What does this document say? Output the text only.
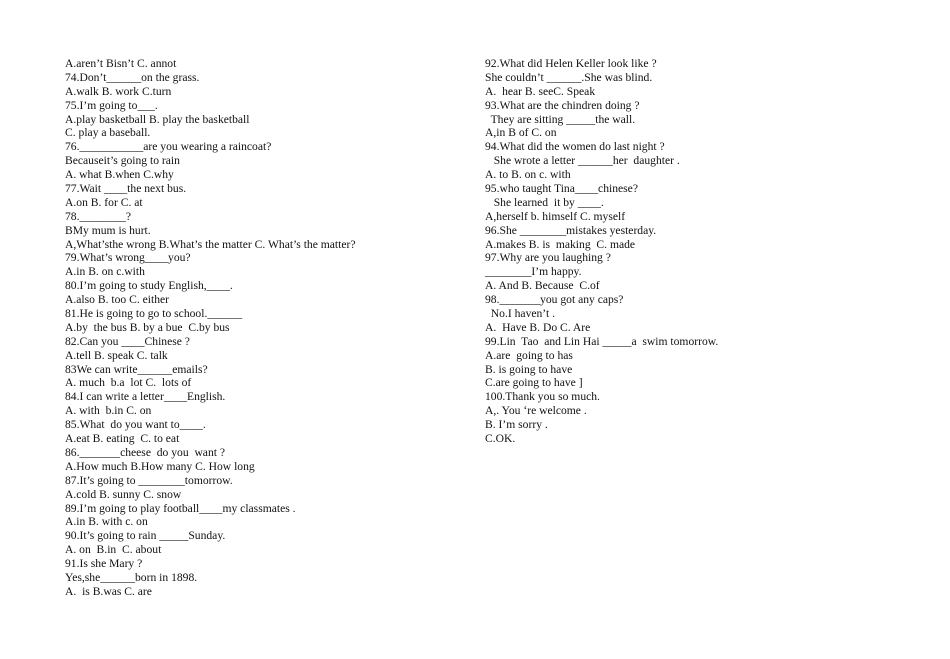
A.aren’t Bisn’t C. annot
74.Don’t______on the grass.
A.walk B. work C.turn
75.I’m going to___.
A.play basketball B. play the basketball
C. play a baseball.
76.___________are you wearing a raincoat?
Becauseit’s going to rain
A. what B.when C.why
77.Wait ____the next bus.
A.on B. for C. at
78.________?
BMy mum is hurt.
A,What’sthe wrong B.What’s the matter C. What’s the matter?
79.What’s wrong____you?
A.in B. on c.with
80.I’m going to study English,____.
A.also B. too C. either
81.He is going to go to school.______
A.by  the bus B. by a bue  C.by bus
82.Can you ____Chinese ?
A.tell B. speak C. talk
83We can write______emails?
A. much  b.a  lot C.  lots of
84.I can write a letter____English.
A. with  b.in C. on
85.What  do you want to____.
A.eat B. eating  C. to eat
86._______cheese  do you  want ?
A.How much B.How many C. How long
87.It’s going to ________tomorrow.
A.cold B. sunny C. snow
89.I’m going to play football____my classmates .
A.in B. with c. on
90.It’s going to rain _____Sunday.
A. on  B.in  C. about
91.Is she Mary ?
Yes,she______born in 1898.
A.  is B.was C. are
92.What did Helen Keller look like ?
She couldn’t ______.She was blind.
A.  hear B. seeC. Speak
93.What are the chindren doing ?
They are sitting _____the wall.
A,in B of C. on
94.What did the women do last night ?
She wrote a letter ______her  daughter .
A. to B. on c. with
95.who taught Tina____chinese?
She learned  it by ____.
A,herself b. himself C. myself
96.She ________mistakes yesterday.
A.makes B. is  making  C. made
97.Why are you laughing ?
________I’m happy.
A. And B. Because  C.of
98._______you got any caps?
No.I haven’t .
A.  Have B. Do C. Are
99.Lin  Tao  and Lin Hai _____a  swim tomorrow.
A.are  going to has
B. is going to have
C.are going to have ]
100.Thank you so much.
A,. You ‘re welcome .
B. I’m sorry .
C.OK.
